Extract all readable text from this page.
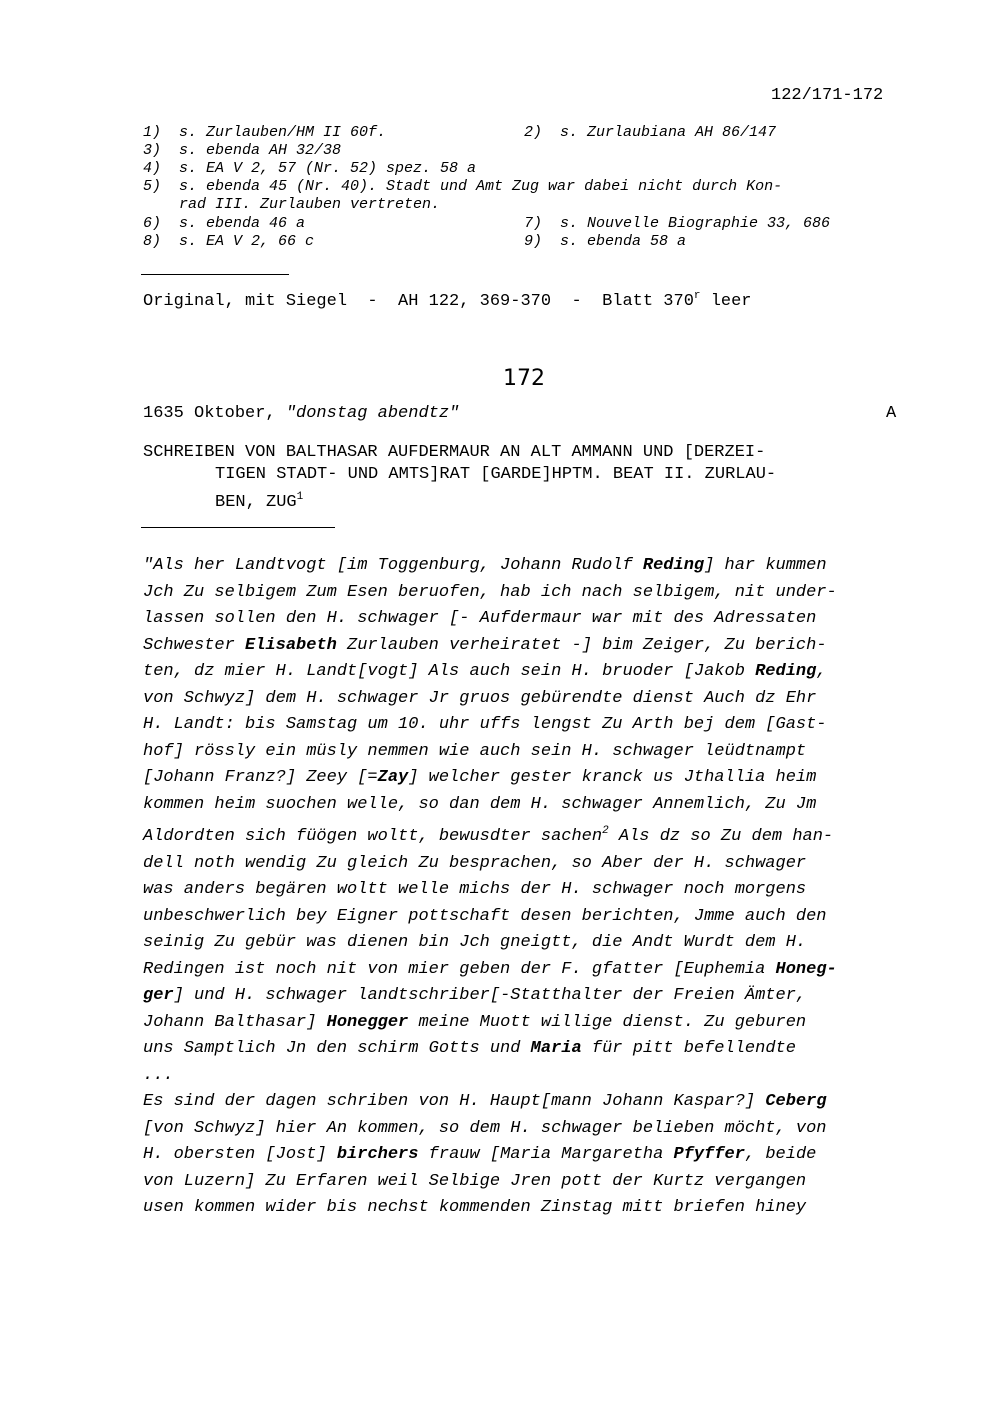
122/171-172
1) s. Zurlauben/HM II 60f.	2) s. Zurlaubiana AH 86/147
3) s. ebenda AH 32/38
4) s. EA V 2, 57 (Nr. 52) spez. 58 a
5) s. ebenda 45 (Nr. 40). Stadt und Amt Zug war dabei nicht durch Kon-
rad III. Zurlauben vertreten.
6) s. ebenda 46 a	7) s. Nouvelle Biographie 33, 686
8) s. EA V 2, 66 c	9) s. ebenda 58 a
Original, mit Siegel  -  AH 122, 369-370  -  Blatt 370$^r$ leer
172
1635 Oktober, "donstag abendtz"	A
SCHREIBEN VON BALTHASAR AUFDERMAUR AN ALT AMMANN UND [DERZEI-
TIGEN STADT- UND AMTS]RAT [GARDE]HPTM. BEAT II. ZURLAU-
BEN, ZUG$^1$
"Als her Landtvogt [im Toggenburg, Johann Rudolf Reding] har kummen
Jch Zu selbigem Zum Esen beruofen, hab ich nach selbigem, nit under-
lassen sollen den H. schwager [- Aufdermaur war mit des Adressaten
Schwester Elisabeth Zurlauben verheiratet -] bim Zeiger, Zu berich-
ten, dz mier H. Landt[vogt] Als auch sein H. bruoder [Jakob Reding,
von Schwyz] dem H. schwager Jr gruos gebürendte dienst Auch dz Ehr
H. Landt: bis Samstag um 10. uhr uffs lengst Zu Arth bej dem [Gast-
hof] rössly ein müsly nemmen wie auch sein H. schwager leüdtnampt
[Johann Franz?] Zeey [=Zay] welcher gester kranck us Jthallia heim
kommen heim suochen welle, so dan dem H. schwager Annemlich, Zu Jm
Aldordten sich füögen woltt, bewusdter sachen$^2$ Als dz so Zu dem han-
dell noth wendig Zu gleich Zu besprachen, so Aber der H. schwager
was anders begären woltt welle michs der H. schwager noch morgens
unbeschwerlich bey Eigner pottschaft desen berichten, Jmme auch den
seinig Zu gebür was dienen bin Jch gneigtt, die Andt Wurdt dem H.
Redingen ist noch nit von mier geben der F. gfatter [Euphemia Honeg-
ger] und H. schwager landtschriber[-Statthalter der Freien Ämter,
Johann Balthasar] Honegger meine Muott willige dienst. Zu geburen
uns Samptlich Jn den schirm Gotts und Maria für pitt befellendte
...
Es sind der dagen schriben von H. Haupt[mann Johann Kaspar?] Ceberg
[von Schwyz] hier An kommen, so dem H. schwager belieben möcht, von
H. obersten [Jost] birchers frauw [Maria Margaretha Pfyffer, beide
von Luzern] Zu Erfaren weil Selbige Jren pott der Kurtz vergangen
usen kommen wider bis nechst kommenden Zinstag mitt briefen hiney
